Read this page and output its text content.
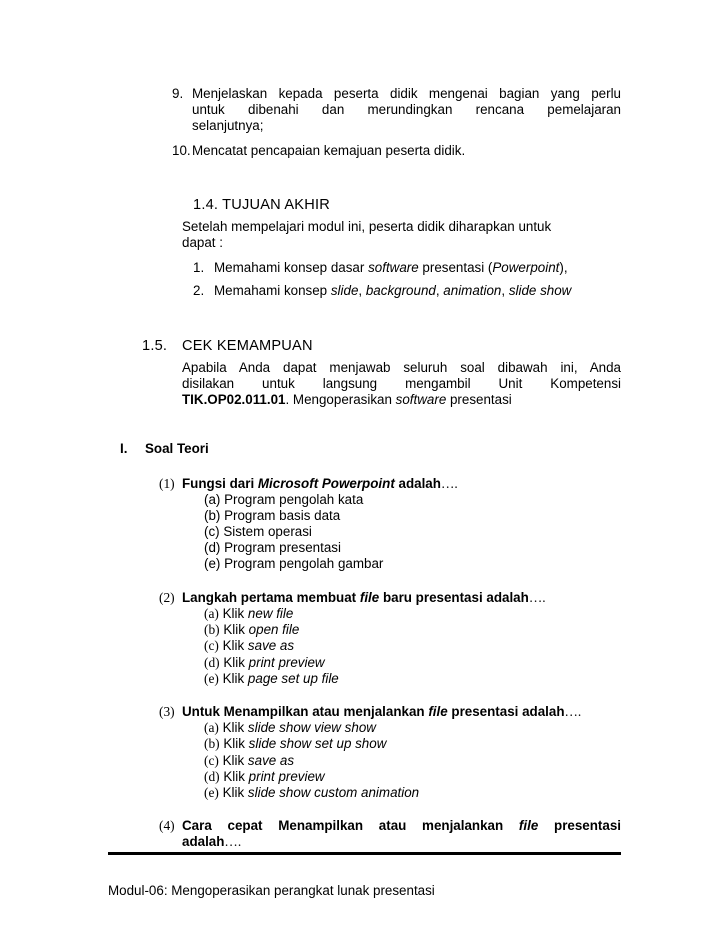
9. Menjelaskan kepada peserta didik mengenai bagian yang perlu
untuk dibenahi dan merundingkan rencana pemelajaran
selanjutnya;
10. Mencatat pencapaian kemajuan peserta didik.
1.4. TUJUAN AKHIR
Setelah mempelajari modul ini, peserta didik diharapkan untuk
dapat :
1. Memahami konsep dasar software presentasi (Powerpoint),
2. Memahami konsep slide, background, animation, slide show
1.5. CEK KEMAMPUAN
Apabila Anda dapat menjawab seluruh soal dibawah ini, Anda
disilakan untuk langsung mengambil Unit Kompetensi
TIK.OP02.011.01. Mengoperasikan software presentasi
I. Soal Teori
(1) Fungsi dari Microsoft Powerpoint adalah….
(a) Program pengolah kata
(b) Program basis data
(c) Sistem operasi
(d) Program presentasi
(e) Program pengolah gambar
(2) Langkah pertama membuat file baru presentasi adalah….
(a) Klik new file
(b) Klik open file
(c) Klik save as
(d) Klik print preview
(e) Klik page set up file
(3) Untuk Menampilkan atau menjalankan file presentasi adalah….
(a) Klik slide show view show
(b) Klik slide show set up show
(c) Klik save as
(d) Klik print preview
(e) Klik slide show custom animation
(4) Cara cepat Menampilkan atau menjalankan file presentasi
adalah….
Modul-06: Mengoperasikan perangkat lunak presentasi
